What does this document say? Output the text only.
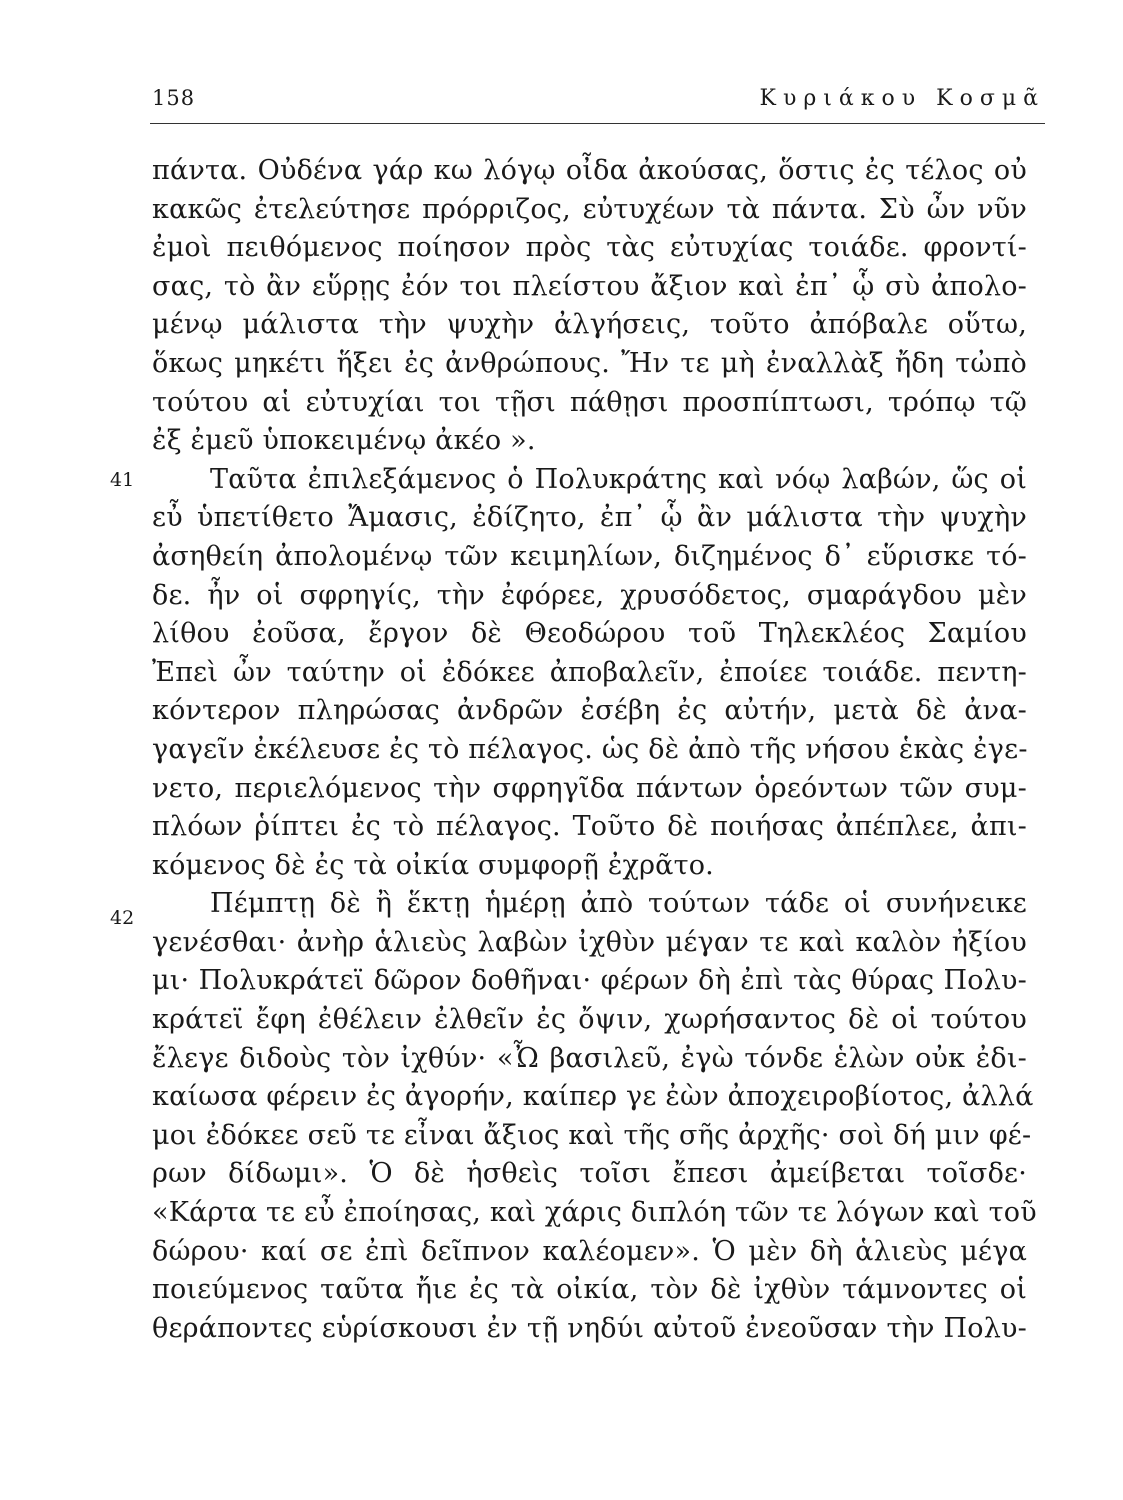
158	Κυριάκου Κοσμᾶ
41
42
πάντα. Οὐδένα γάρ κω λόγῳ οἶδα ἀκούσας, ὅστις ἐς τέλος οὐ
κακῶς ἐτελεύτησε πρόρριζος, εὐτυχέων τὰ πάντα. Σὺ ὦν νῦν
ἐμοὶ πειθόμενος ποίησον πρὸς τὰς εὐτυχίας τοιάδε. φροντί-
σας, τὸ ἂν εὕρῃς ἐόν τοι πλείστου ἄξιον καὶ ἐπ᾽ ᾧ σὺ ἀπολο-
μένῳ μάλιστα τὴν ψυχὴν ἀλγήσεις, τοῦτο ἀπόβαλε οὕτω,
ὅκως μηκέτι ἥξει ἐς ἀνθρώπους. Ἤν τε μὴ ἐναλλὰξ ἤδη τὠπὸ
τούτου αἱ εὐτυχίαι τοι τῇσι πάθῃσι προσπίπτωσι, τρόπῳ τῷ
ἐξ ἐμεῦ ὑποκειμένῳ ἀκέο ».
Ταῦτα ἐπιλεξάμενος ὁ Πολυκράτης καὶ νόῳ λαβών, ὥς οἱ
εὖ ὑπετίθετο Ἄμασις, ἐδίζητο, ἐπ᾽ ᾧ ἂν μάλιστα τὴν ψυχὴν
ἀσηθείη ἀπολομένῳ τῶν κειμηλίων, διζημένος δ᾽ εὕρισκε τό-
δε. ἦν οἱ σφρηγίς, τὴν ἐφόρεε, χρυσόδετος, σμαράγδου μὲν
λίθου ἐοῦσα, ἔργον δὲ Θεοδώρου τοῦ Τηλεκλέος Σαμίου
Ἐπεὶ ὦν ταύτην οἱ ἐδόκεε ἀποβαλεῖν, ἐποίεε τοιάδε. πεντη-
κόντερον πληρώσας ἀνδρῶν ἐσέβη ἐς αὐτήν, μετὰ δὲ ἀνα-
γαγεῖν ἐκέλευσε ἐς τὸ πέλαγος. ὡς δὲ ἀπὸ τῆς νήσου ἑκὰς ἐγε-
νετο, περιελόμενος τὴν σφρηγῖδα πάντων ὁρεόντων τῶν συμ-
πλόων ῥίπτει ἐς τὸ πέλαγος. Τοῦτο δὲ ποιήσας ἀπέπλεε, ἀπι-
κόμενος δὲ ἐς τὰ οἰκία συμφορῇ ἐχρᾶτο.
Πέμπτῃ δὲ ἢ ἕκτῃ ἡμέρῃ ἀπὸ τούτων τάδε οἱ συνήνεικε
γενέσθαι· ἀνὴρ ἁλιεὺς λαβὼν ἰχθὺν μέγαν τε καὶ καλὸν ἠξίου
μι· Πολυκράτεϊ δῶρον δοθῆναι· φέρων δὴ ἐπὶ τὰς θύρας Πολυ-
κράτεϊ ἔφη ἐθέλειν ἐλθεῖν ἐς ὄψιν, χωρήσαντος δὲ οἱ τούτου
ἔλεγε διδοὺς τὸν ἰχθύν· «Ὦ βασιλεῦ, ἐγὼ τόνδε ἑλὼν οὐκ ἐδι-
καίωσα φέρειν ἐς ἀγορήν, καίπερ γε ἐὼν ἀποχειροβίοτος, ἀλλά
μοι ἐδόκεε σεῦ τε εἶναι ἄξιος καὶ τῆς σῆς ἀρχῆς· σοὶ δή μιν φέ-
ρων δίδωμι». Ὁ δὲ ἡσθεὶς τοῖσι ἔπεσι ἀμείβεται τοῖσδε·
«Κάρτα τε εὖ ἐποίησας, καὶ χάρις διπλόη τῶν τε λόγων καὶ τοῦ
δώρου· καί σε ἐπὶ δεῖπνον καλέομεν». Ὁ μὲν δὴ ἁλιεὺς μέγα
ποιεύμενος ταῦτα ἤιε ἐς τὰ οἰκία, τὸν δὲ ἰχθὺν τάμνοντες οἱ
θεράποντες εὑρίσκουσι ἐν τῇ νηδύι αὐτοῦ ἐνεοῦσαν τὴν Πολυ-
